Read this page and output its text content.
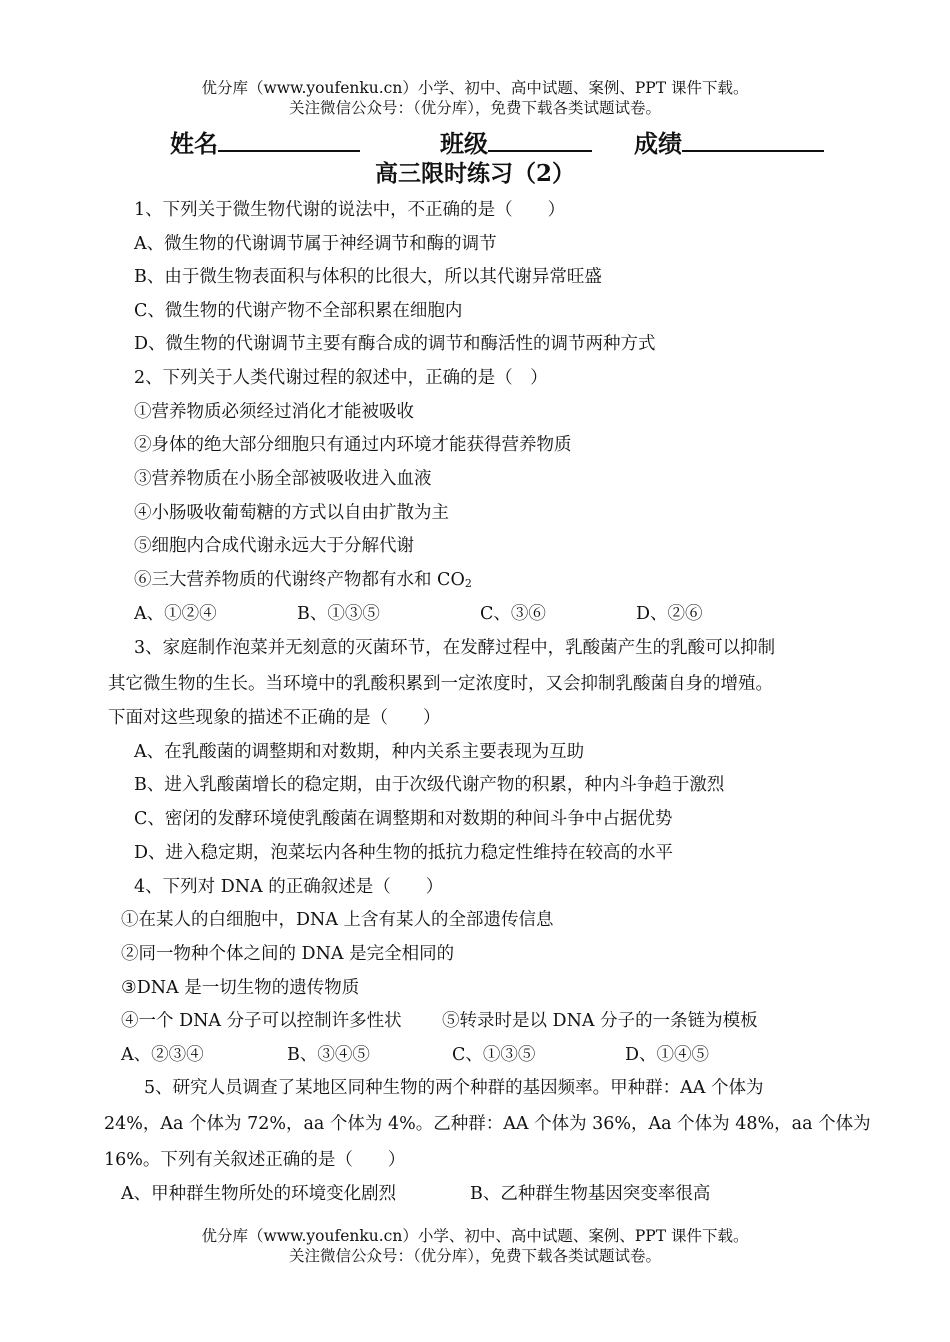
优分库（www.youfenku.cn）小学、初中、高中试题、案例、PPT 课件下载。
关注微信公众号：（优分库），免费下载各类试题试卷。
姓名	班级	成绩
高三限时练习（2）
1、下列关于微生物代谢的说法中，不正确的是（　　）
A、微生物的代谢调节属于神经调节和酶的调节
B、由于微生物表面积与体积的比很大，所以其代谢异常旺盛
C、微生物的代谢产物不全部积累在细胞内
D、微生物的代谢调节主要有酶合成的调节和酶活性的调节两种方式
2、下列关于人类代谢过程的叙述中，正确的是（　）
①营养物质必须经过消化才能被吸收
②身体的绝大部分细胞只有通过内环境才能获得营养物质
③营养物质在小肠全部被吸收进入血液
④小肠吸收葡萄糖的方式以自由扩散为主
⑤细胞内合成代谢永远大于分解代谢
⑥三大营养物质的代谢终产物都有水和 $CO_2$
A、①②④	B、①③⑤	C、③⑥	D、②⑥
3、家庭制作泡菜并无刻意的灭菌环节，在发酵过程中，乳酸菌产生的乳酸可以抑制
其它微生物的生长。当环境中的乳酸积累到一定浓度时，又会抑制乳酸菌自身的增殖。
下面对这些现象的描述不正确的是（　　）
A、在乳酸菌的调整期和对数期，种内关系主要表现为互助
B、进入乳酸菌增长的稳定期，由于次级代谢产物的积累，种内斗争趋于激烈
C、密闭的发酵环境使乳酸菌在调整期和对数期的种间斗争中占据优势
D、进入稳定期，泡菜坛内各种生物的抵抗力稳定性维持在较高的水平
4、下列对 DNA 的正确叙述是（　　）
①在某人的白细胞中，DNA 上含有某人的全部遗传信息
②同一物种个体之间的 DNA 是完全相同的
③DNA 是一切生物的遗传物质
④一个 DNA 分子可以控制许多性状 ⑤转录时是以 DNA 分子的一条链为模板
A、②③④	B、③④⑤	C、①③⑤	D、①④⑤
5、研究人员调查了某地区同种生物的两个种群的基因频率。甲种群：AA 个体为
24%，Aa 个体为 72%，aa 个体为 4%。乙种群：AA 个体为 36%，Aa 个体为 48%，aa 个体为
16%。下列有关叙述正确的是（　　）
A、甲种群生物所处的环境变化剧烈	B、乙种群生物基因突变率很高
优分库（www.youfenku.cn）小学、初中、高中试题、案例、PPT 课件下载。
关注微信公众号：（优分库），免费下载各类试题试卷。
